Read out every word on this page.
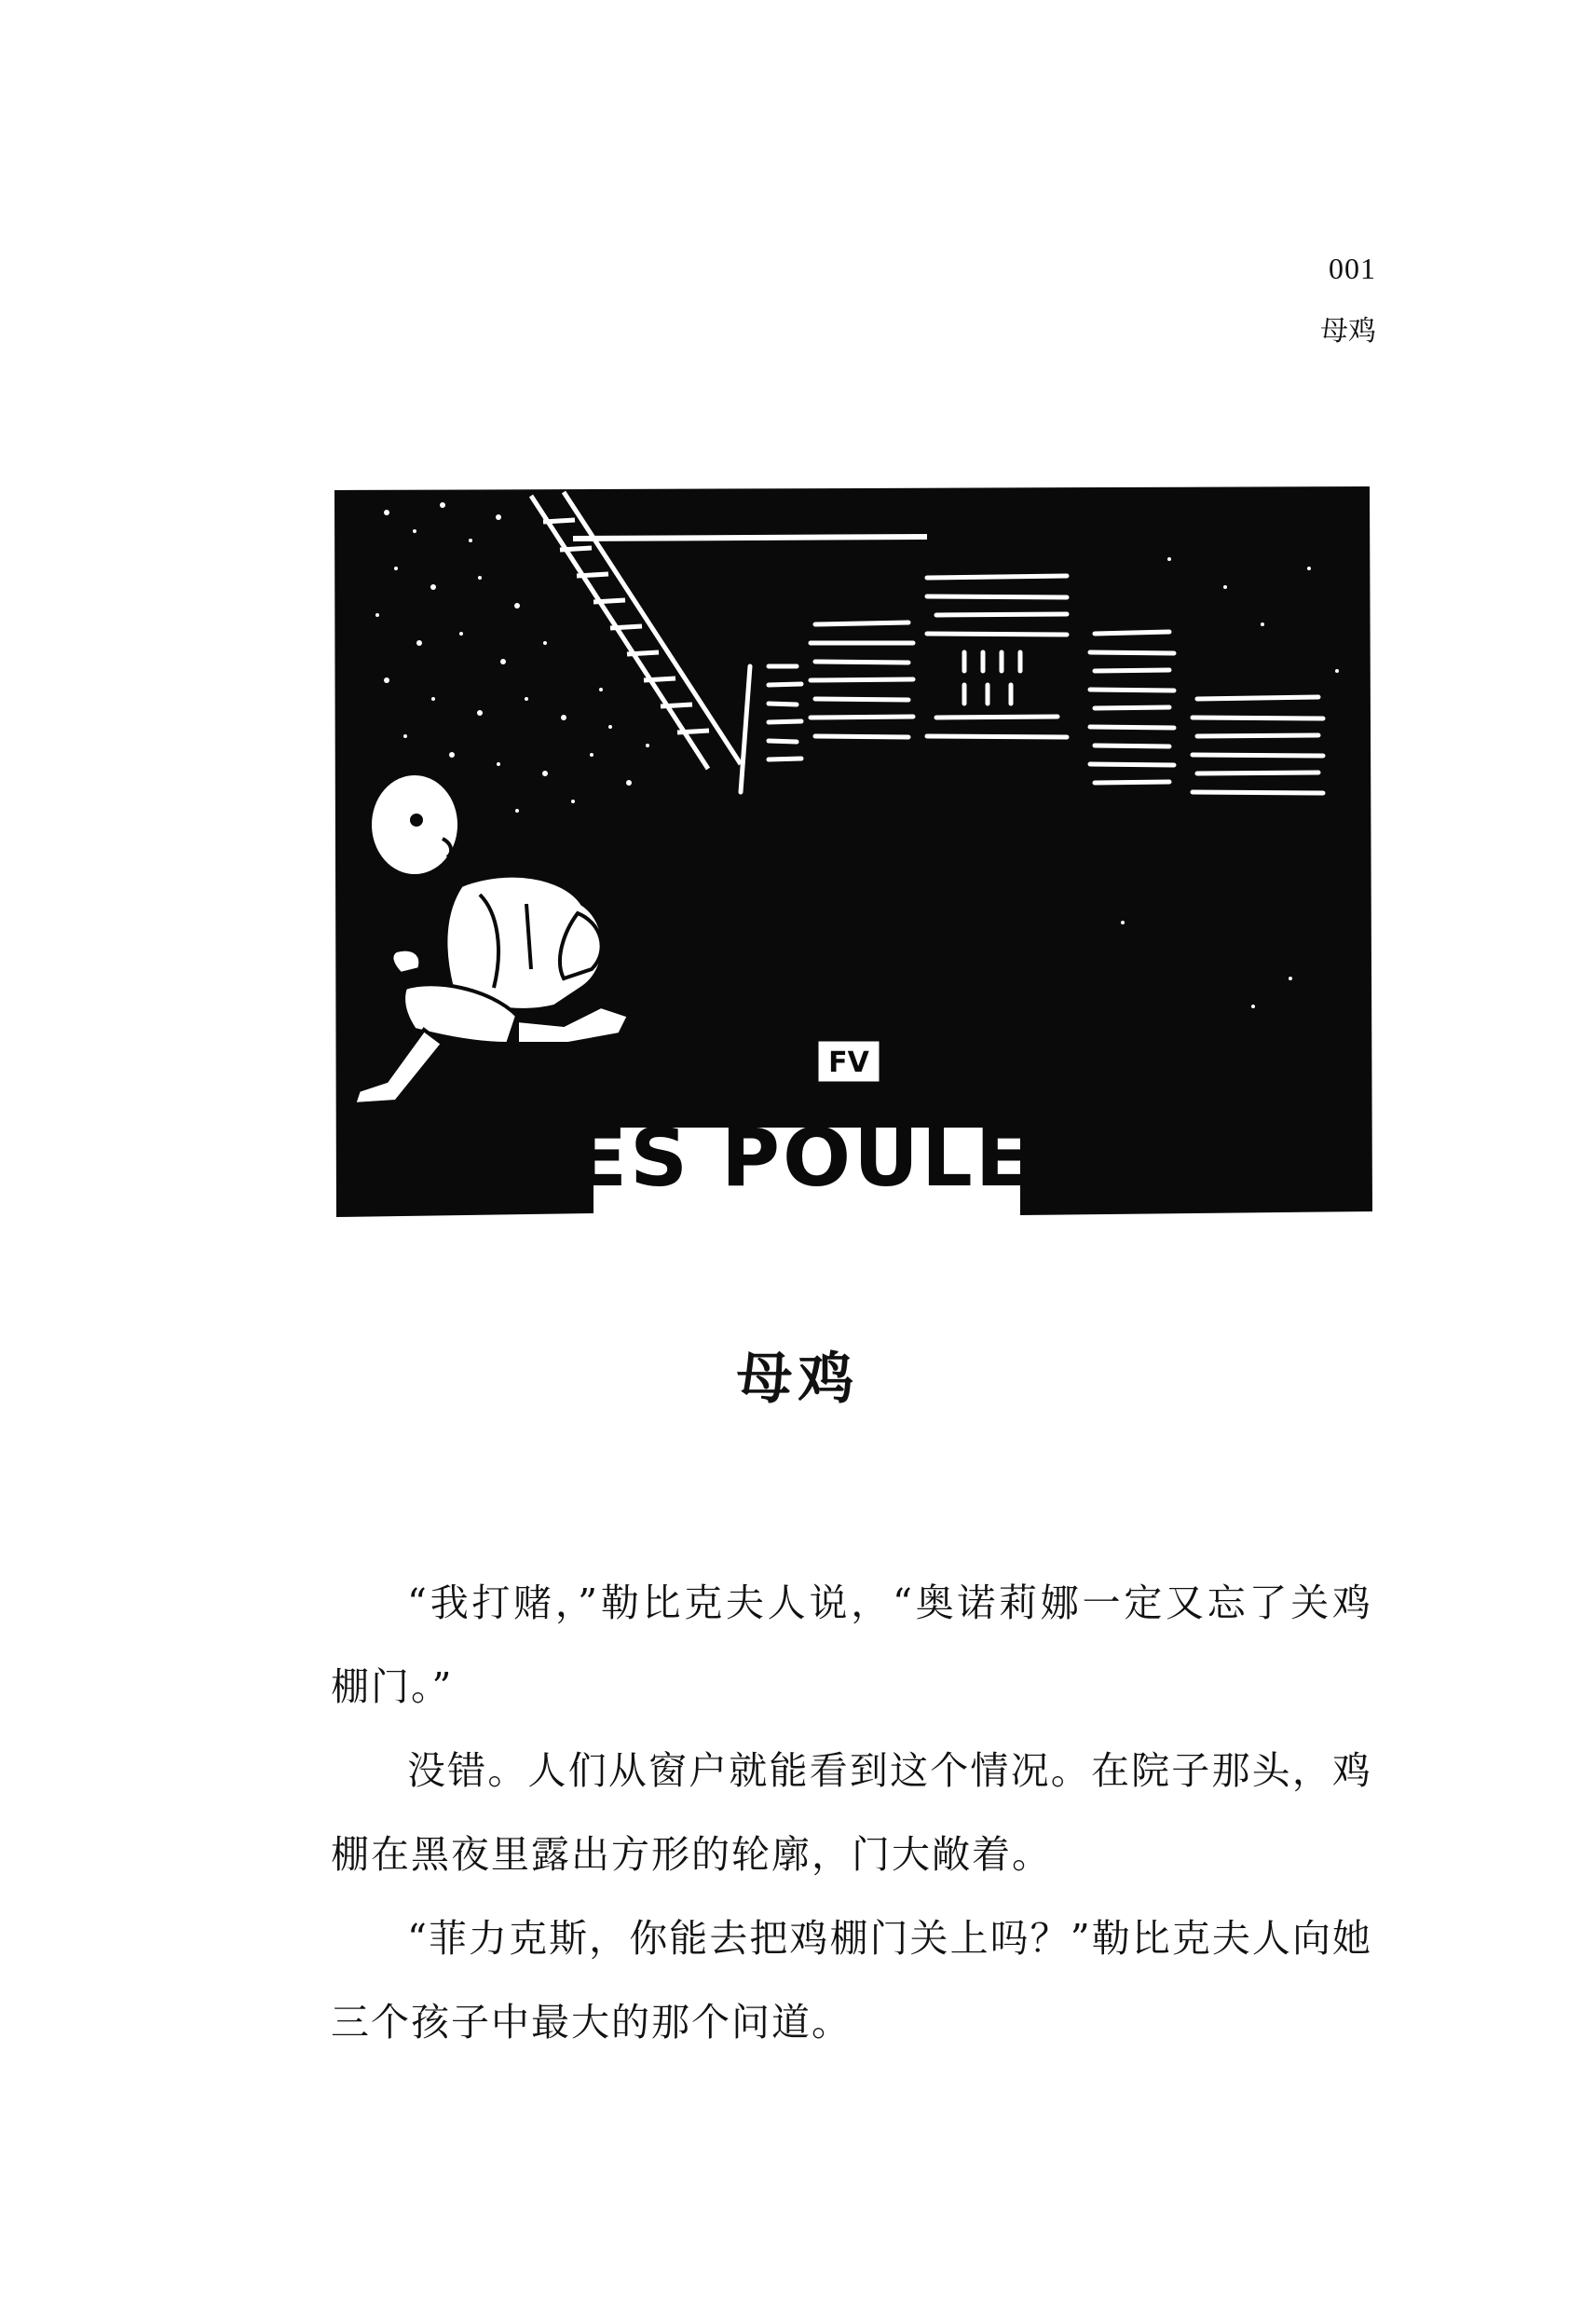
001
母鸡
FV
LES POULES
母鸡

“我打赌，”勒比克夫人说，“奥诺莉娜一定又忘了关鸡棚门。”

没错。人们从窗户就能看到这个情况。在院子那头，鸡棚在黑夜里露出方形的轮廓，门大敞着。

“菲力克斯，你能去把鸡棚门关上吗？”勒比克夫人向她三个孩子中最大的那个问道。
